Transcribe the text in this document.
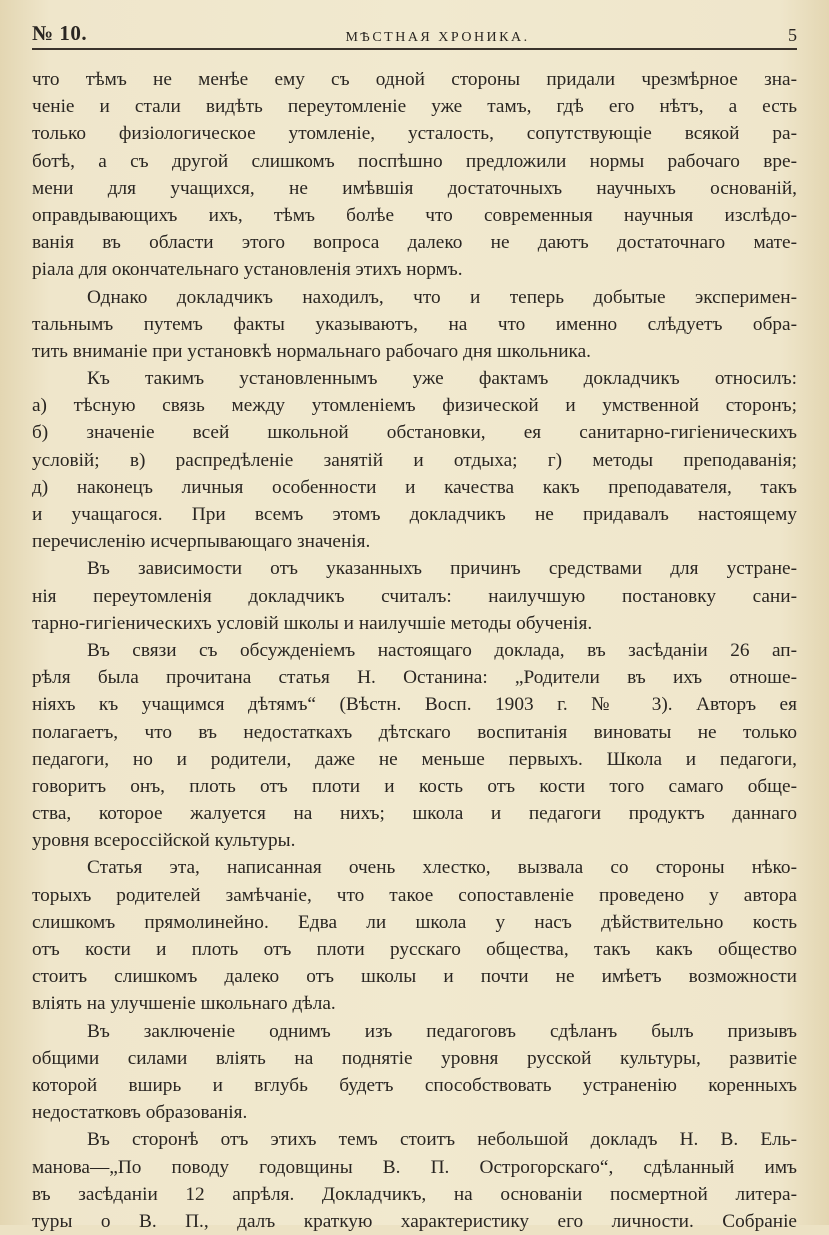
№ 10.	МѢСТНАЯ ХРОНИКА.	5
что тѣмъ не менѣе ему съ одной стороны придали чрезмѣрное зна-
ченіе и стали видѣть переутомленіе уже тамъ, гдѣ его нѣтъ, а есть
только физіологическое утомленіе, усталость, сопутствующіе всякой ра-
ботѣ, а съ другой слишкомъ поспѣшно предложили нормы рабочаго вре-
мени для учащихся, не имѣвшія достаточныхъ научныхъ основаній,
оправдывающихъ ихъ, тѣмъ болѣе что современныя научныя изслѣдо-
ванія въ области этого вопроса далеко не даютъ достаточнаго мате-
ріала для окончательнаго установленія этихъ нормъ.
Однако докладчикъ находилъ, что и теперь добытые эксперимен-
тальнымъ путемъ факты указываютъ, на что именно слѣдуетъ обра-
тить вниманіе при установкѣ нормальнаго рабочаго дня школьника.
Къ такимъ установленнымъ уже фактамъ докладчикъ относилъ:
а) тѣсную связь между утомленіемъ физической и умственной сторонъ;
б) значеніе всей школьной обстановки, ея санитарно-гигіеническихъ
условій; в) распредѣленіе занятій и отдыха; г) методы преподаванія;
д) наконецъ личныя особенности и качества какъ преподавателя, такъ
и учащагося. При всемъ этомъ докладчикъ не придавалъ настоящему
перечисленію исчерпывающаго значенія.
Въ зависимости отъ указанныхъ причинъ средствами для устране-
нія переутомленія докладчикъ считалъ: наилучшую постановку сани-
тарно-гигіеническихъ условій школы и наилучшіе методы обученія.
Въ связи съ обсужденіемъ настоящаго доклада, въ засѣданіи 26 ап-
рѣля была прочитана статья Н. Останина: „Родители въ ихъ отноше-
ніяхъ къ учащимся дѣтямъ“ (Вѣстн. Восп. 1903 г. № 3). Авторъ ея
полагаетъ, что въ недостаткахъ дѣтскаго воспитанія виноваты не только
педагоги, но и родители, даже не меньше первыхъ. Школа и педагоги,
говоритъ онъ, плоть отъ плоти и кость отъ кости того самаго обще-
ства, которое жалуется на нихъ; школа и педагоги продуктъ даннаго
уровня всероссійской культуры.
Статья эта, написанная очень хлестко, вызвала со стороны нѣко-
торыхъ родителей замѣчаніе, что такое сопоставленіе проведено у автора
слишкомъ прямолинейно. Едва ли школа у насъ дѣйствительно кость
отъ кости и плоть отъ плоти русскаго общества, такъ какъ общество
стоитъ слишкомъ далеко отъ школы и почти не имѣетъ возможности
вліять на улучшеніе школьнаго дѣла.
Въ заключеніе однимъ изъ педагоговъ сдѣланъ былъ призывъ
общими силами вліять на поднятіе уровня русской культуры, развитіе
которой вширь и вглубь будетъ способствовать устраненію коренныхъ
недостатковъ образованія.
Въ сторонѣ отъ этихъ темъ стоитъ небольшой докладъ Н. В. Ель-
манова—„По поводу годовщины В. П. Острогорскаго“, сдѣланный имъ
въ засѣданіи 12 апрѣля. Докладчикъ, на основаніи посмертной литера-
туры о В. П., далъ краткую характеристику его личности. Собраніе
